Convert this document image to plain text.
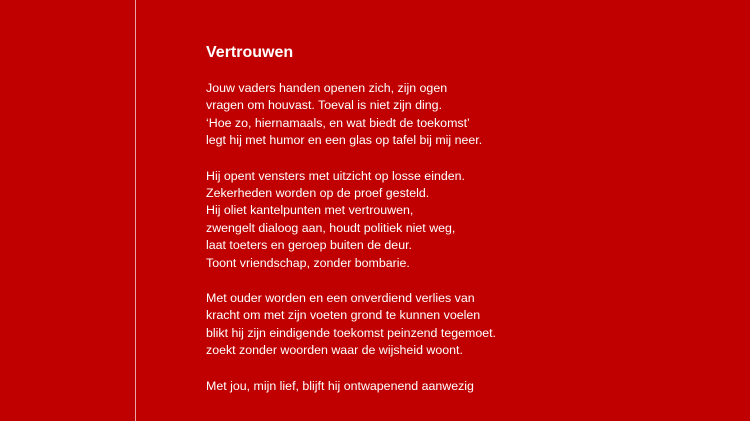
Vertrouwen
Jouw vaders handen openen zich, zijn ogen
vragen om houvast. Toeval is niet zijn ding.
‘Hoe zo, hiernamaals, en wat biedt de toekomst’
legt hij met humor en een glas op tafel bij mij neer.
Hij opent vensters met uitzicht op losse einden.
Zekerheden worden op de proef gesteld.
Hij oliet kantelpunten met vertrouwen,
zwengelt dialoog aan, houdt politiek niet weg,
laat toeters en geroep buiten de deur.
Toont vriendschap, zonder bombarie.
Met ouder worden en een onverdiend verlies van
kracht om met zijn voeten grond te kunnen voelen
blikt hij zijn eindigende toekomst peinzend tegemoet.
zoekt zonder woorden waar de wijsheid woont.
Met jou, mijn lief, blijft hij ontwapenend aanwezig
